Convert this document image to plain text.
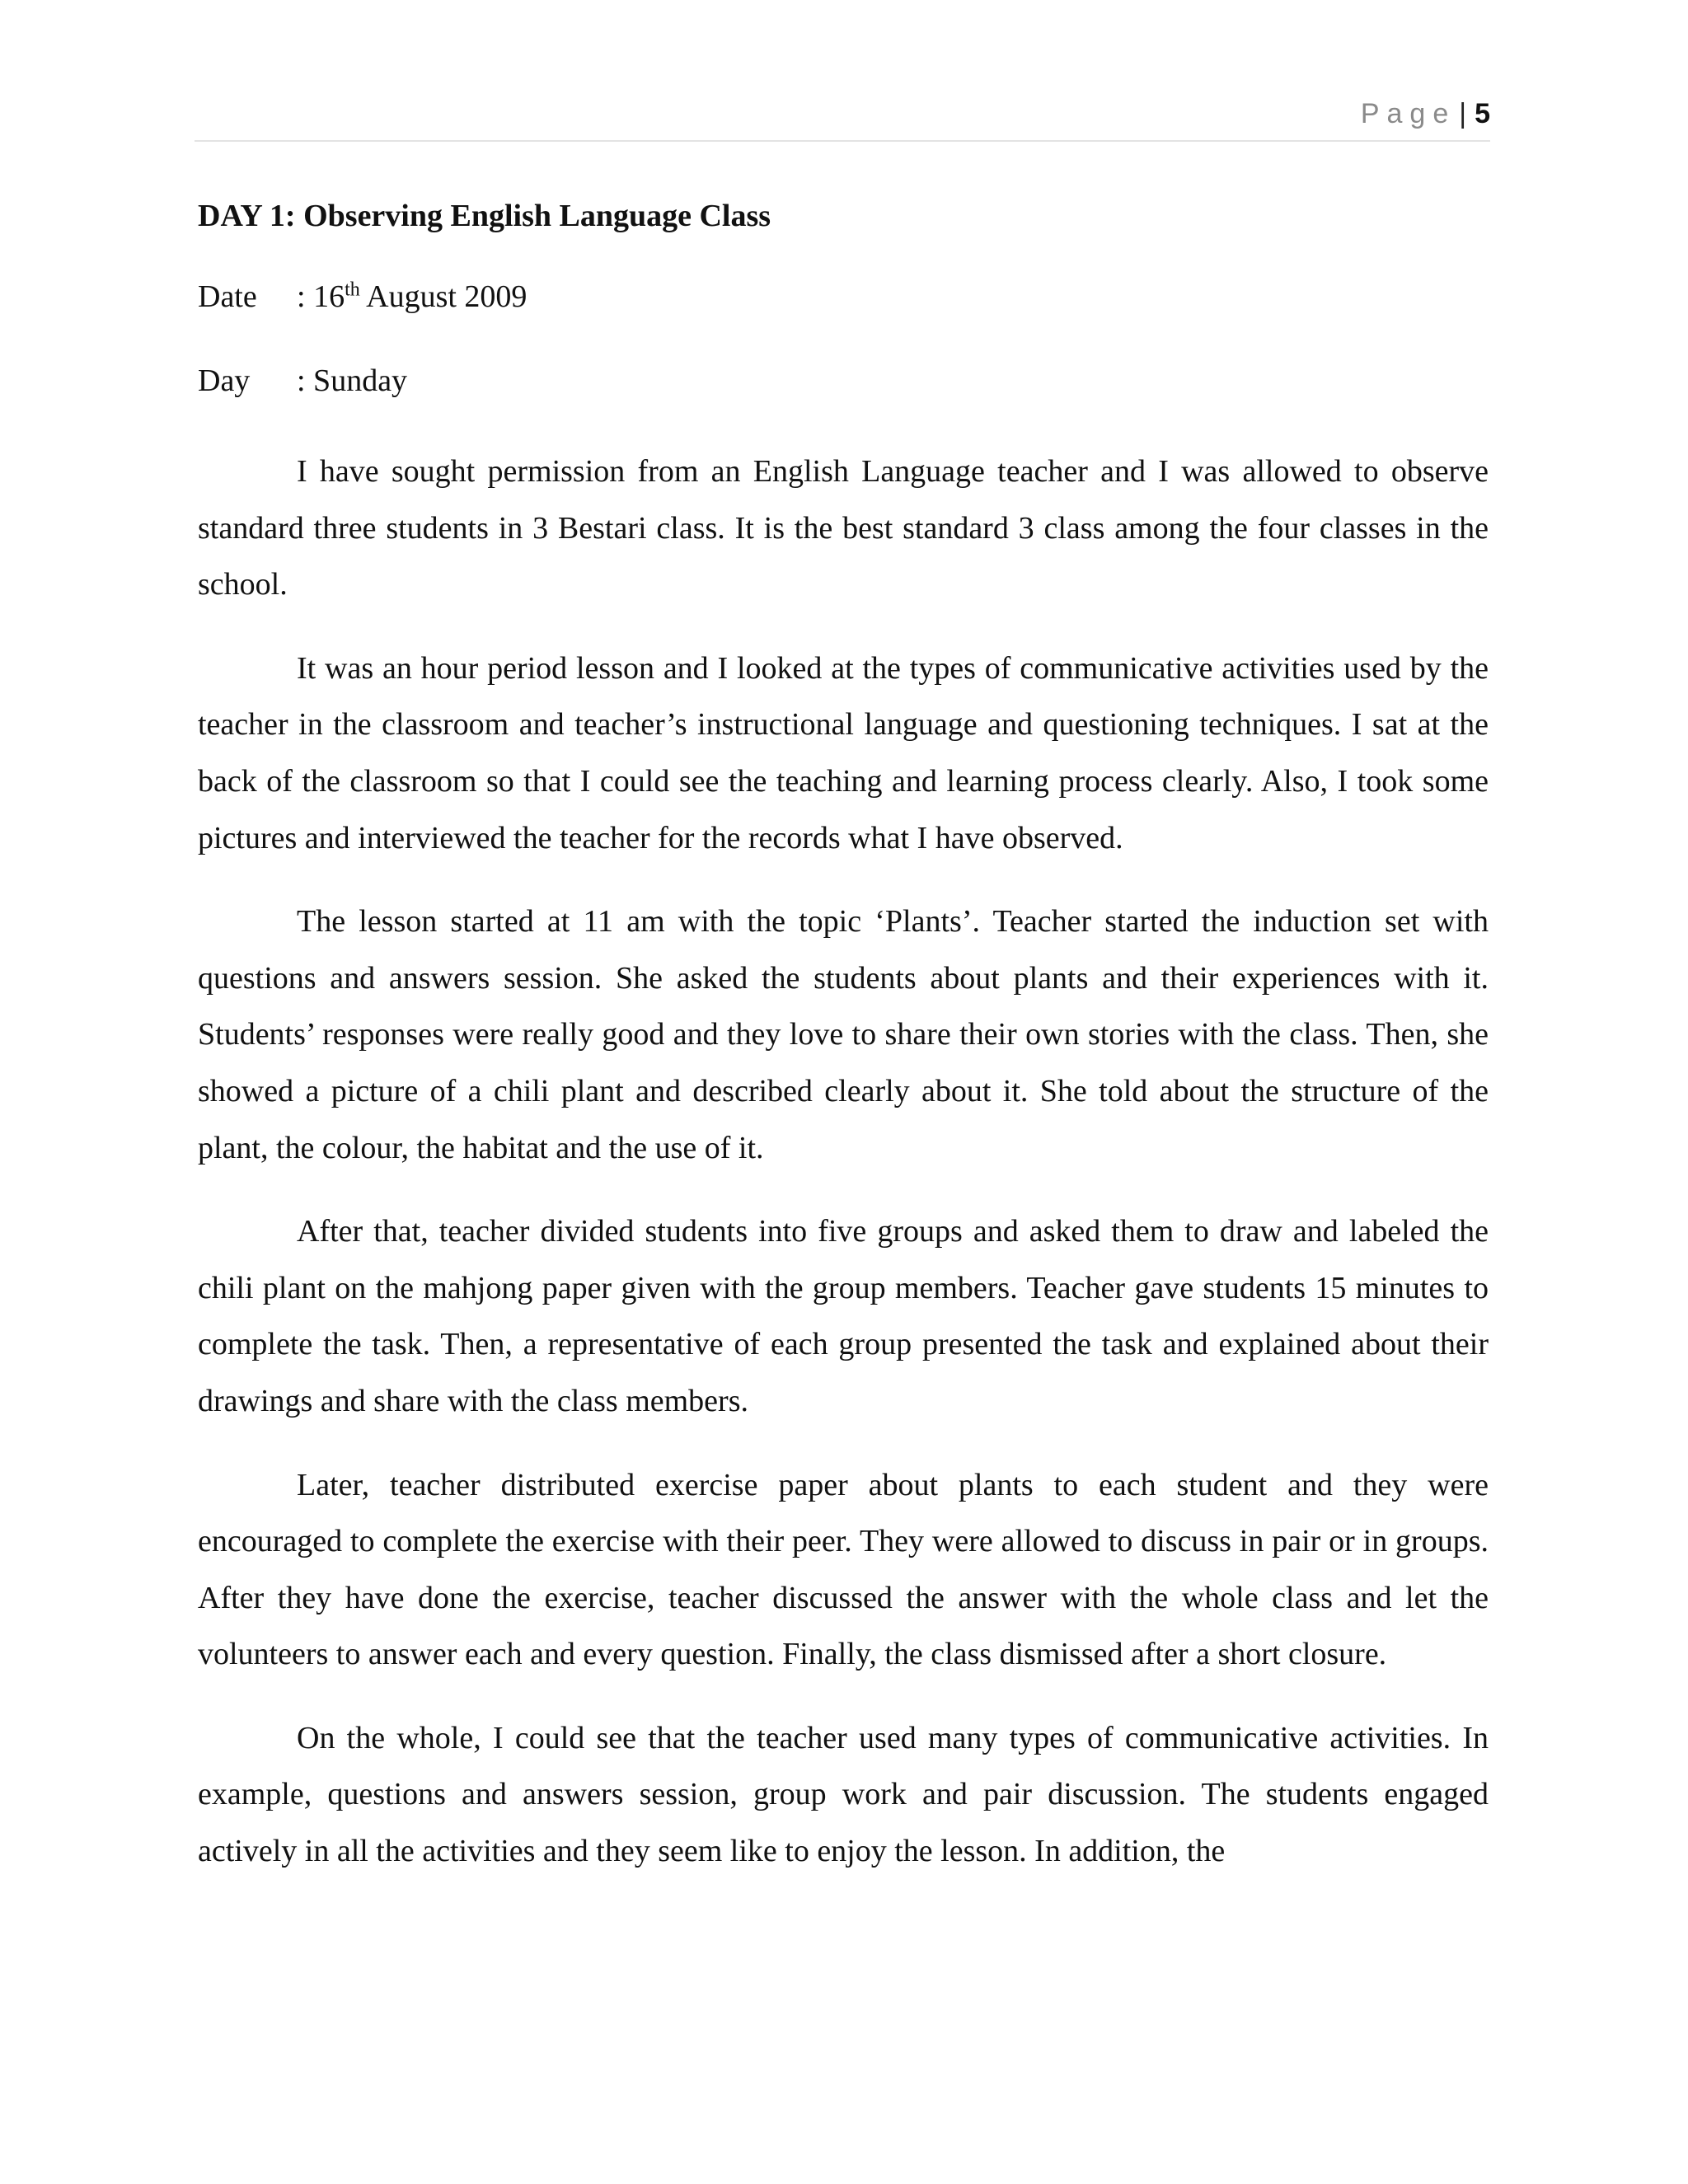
Page | 5
DAY 1: Observing English Language Class
Date	: 16th August 2009
Day	: Sunday

I have sought permission from an English Language teacher and I was allowed to observe standard three students in 3 Bestari class. It is the best standard 3 class among the four classes in the school.

It was an hour period lesson and I looked at the types of communicative activities used by the teacher in the classroom and teacher’s instructional language and questioning techniques. I sat at the back of the classroom so that I could see the teaching and learning process clearly. Also, I took some pictures and interviewed the teacher for the records what I have observed.

The lesson started at 11 am with the topic ‘Plants’. Teacher started the induction set with questions and answers session. She asked the students about plants and their experiences with it. Students’ responses were really good and they love to share their own stories with the class. Then, she showed a picture of a chili plant and described clearly about it. She told about the structure of the plant, the colour, the habitat and the use of it.

After that, teacher divided students into five groups and asked them to draw and labeled the chili plant on the mahjong paper given with the group members. Teacher gave students 15 minutes to complete the task. Then, a representative of each group presented the task and explained about their drawings and share with the class members.

Later, teacher distributed exercise paper about plants to each student and they were encouraged to complete the exercise with their peer. They were allowed to discuss in pair or in groups. After they have done the exercise, teacher discussed the answer with the whole class and let the volunteers to answer each and every question. Finally, the class dismissed after a short closure.

On the whole, I could see that the teacher used many types of communicative activities. In example, questions and answers session, group work and pair discussion. The students engaged actively in all the activities and they seem like to enjoy the lesson. In addition, the
